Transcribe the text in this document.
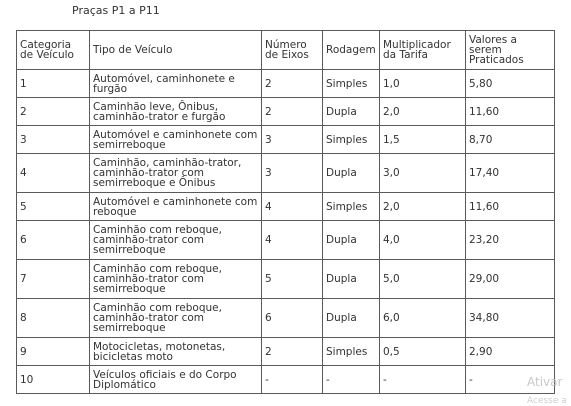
Praças P1 a P11
Categoria de Veículo	Tipo de Veículo	Número de Eixos	Rodagem	Multiplicador da Tarifa	Valores a serem Praticados
1	Automóvel, caminhonete e furgão	2	Simples	1,0	5,80
2	Caminhão leve, Ônibus, caminhão-trator e furgão	2	Dupla	2,0	11,60
3	Automóvel e caminhonete com semirreboque	3	Simples	1,5	8,70
4	Caminhão, caminhão-trator, caminhão-trator com semirreboque e Ônibus	3	Dupla	3,0	17,40
5	Automóvel e caminhonete com reboque	4	Simples	2,0	11,60
6	Caminhão com reboque, caminhão-trator com semirreboque	4	Dupla	4,0	23,20
7	Caminhão com reboque, caminhão-trator com semirreboque	5	Dupla	5,0	29,00
8	Caminhão com reboque, caminhão-trator com semirreboque	6	Dupla	6,0	34,80
9	Motocicletas, motonetas, bicicletas moto	2	Simples	0,5	2,90
10	Veículos oficiais e do Corpo Diplomático	-	-	-	-	Ativar
Acesse a
